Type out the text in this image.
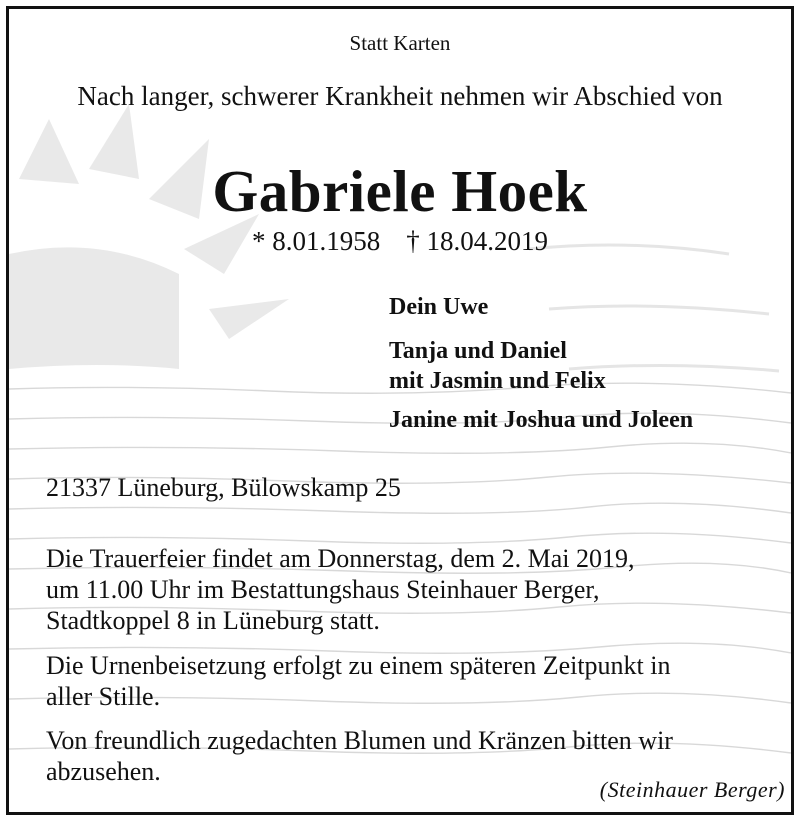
Statt Karten
Nach langer, schwerer Krankheit nehmen wir Abschied von
Gabriele Hoek
* 8.01.1958 † 18.04.2019
Dein Uwe
Tanja und Daniel
mit Jasmin und Felix
Janine mit Joshua und Joleen
21337 Lüneburg, Bülowskamp 25
Die Trauerfeier findet am Donnerstag, dem 2. Mai 2019,
um 11.00 Uhr im Bestattungshaus Steinhauer Berger,
Stadtkoppel 8 in Lüneburg statt.
Die Urnenbeisetzung erfolgt zu einem späteren Zeitpunkt in
aller Stille.
Von freundlich zugedachten Blumen und Kränzen bitten wir
abzusehen.
(Steinhauer Berger)
